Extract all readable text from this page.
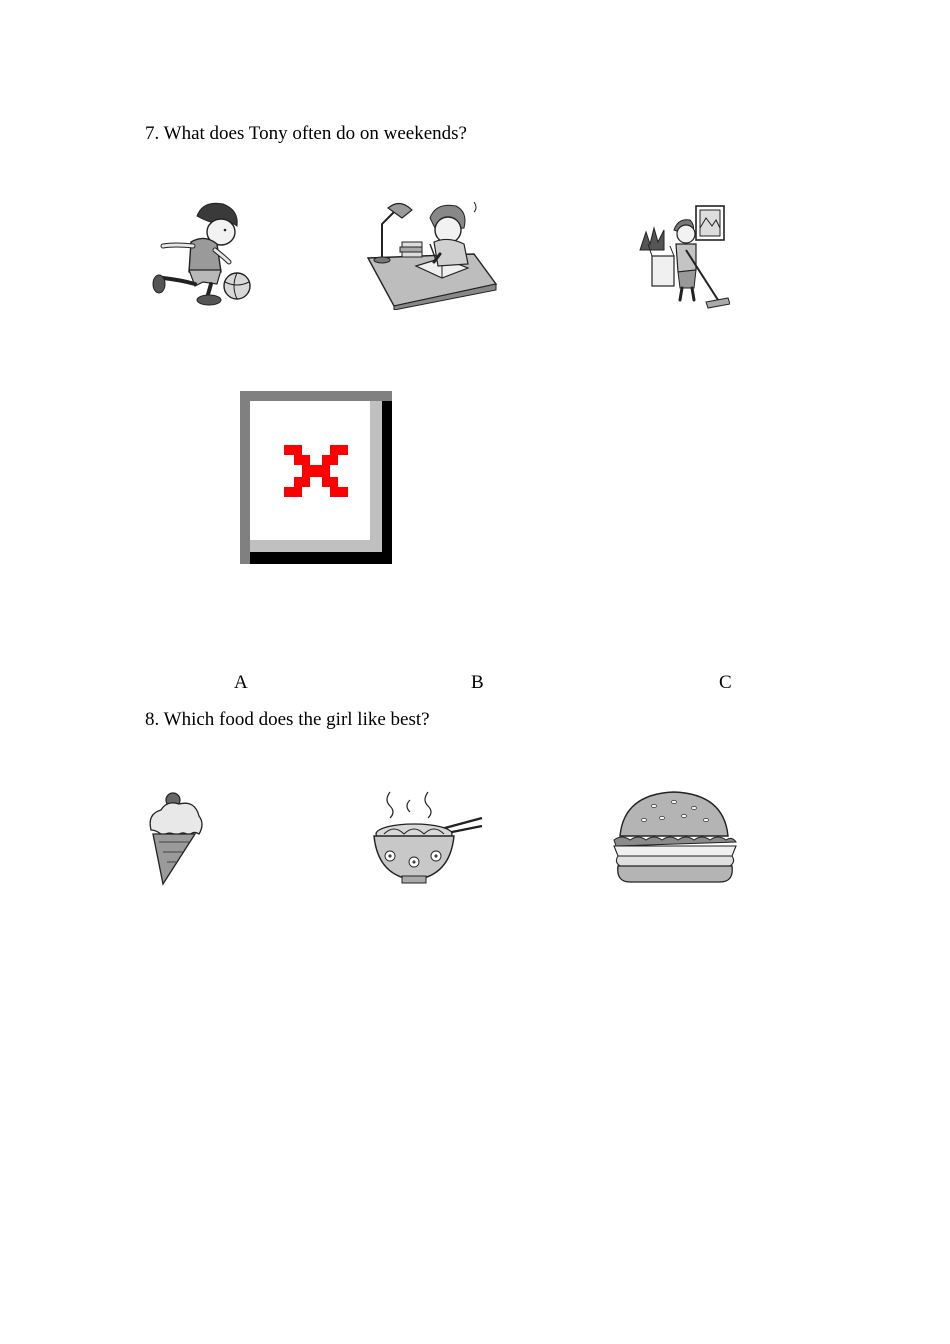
7. What does Tony often do on weekends?
A	B	C
8. Which food does the girl like best?
